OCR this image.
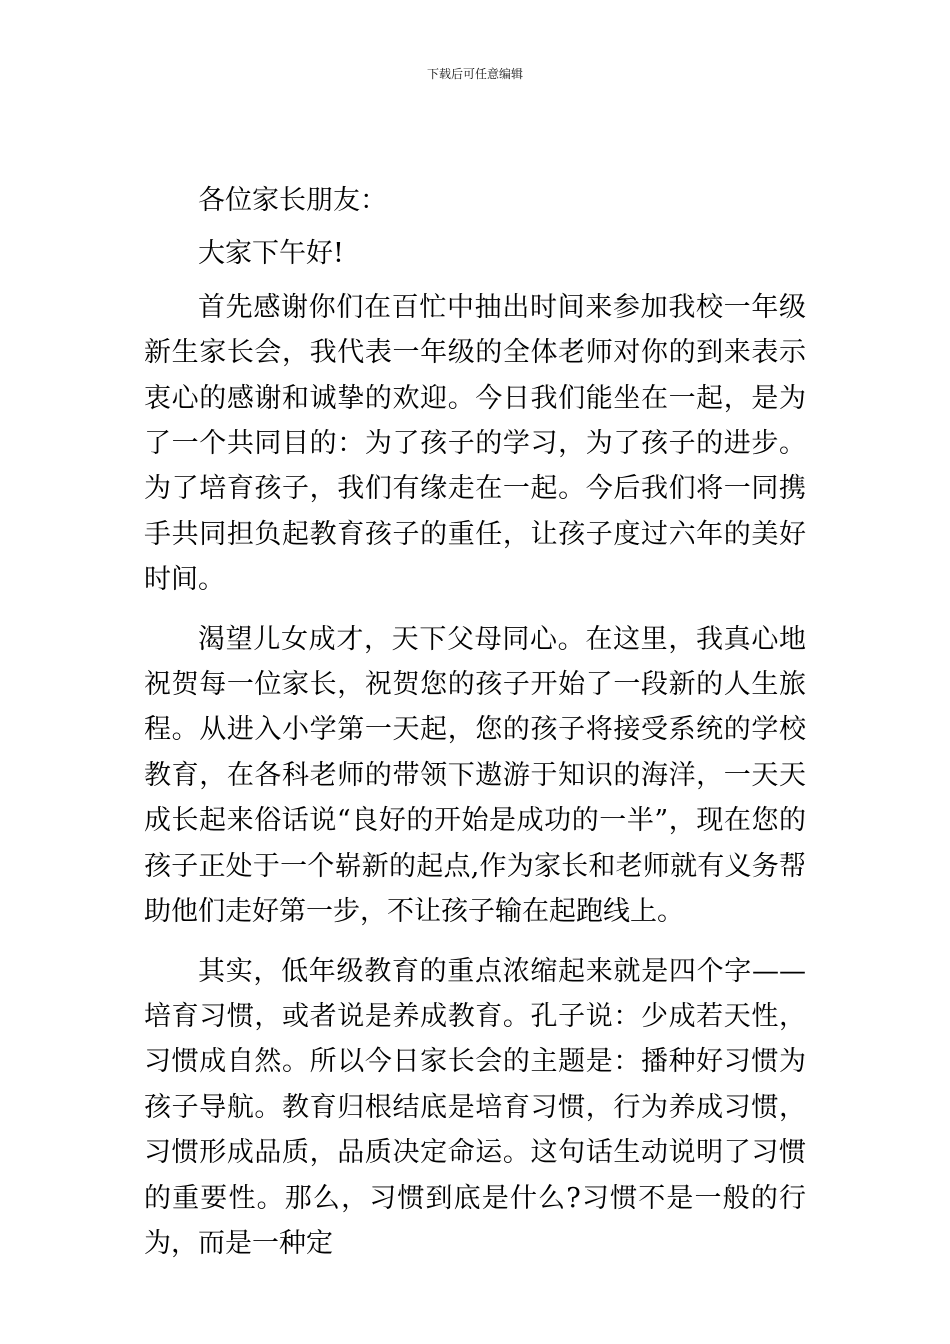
下载后可任意编辑

各位家长朋友：

大家下午好!

首先感谢你们在百忙中抽出时间来参加我校一年级新生家长会，我代表一年级的全体老师对你的到来表示衷心的感谢和诚挚的欢迎。今日我们能坐在一起，是为了一个共同目的：为了孩子的学习，为了孩子的进步。为了培育孩子，我们有缘走在一起。今后我们将一同携手共同担负起教育孩子的重任，让孩子度过六年的美好时间。

渴望儿女成才，天下父母同心。在这里，我真心地祝贺每一位家长，祝贺您的孩子开始了一段新的人生旅程。从进入小学第一天起，您的孩子将接受系统的学校教育，在各科老师的带领下遨游于知识的海洋，一天天成长起来俗话说“良好的开始是成功的一半”，现在您的孩子正处于一个崭新的起点,作为家长和老师就有义务帮助他们走好第一步，不让孩子输在起跑线上。

其实，低年级教育的重点浓缩起来就是四个字——培育习惯，或者说是养成教育。孔子说：少成若天性，习惯成自然。所以今日家长会的主题是：播种好习惯为孩子导航。教育归根结底是培育习惯，行为养成习惯，习惯形成品质，品质决定命运。这句话生动说明了习惯的重要性。那么，习惯到底是什么?习惯不是一般的行为，而是一种定
